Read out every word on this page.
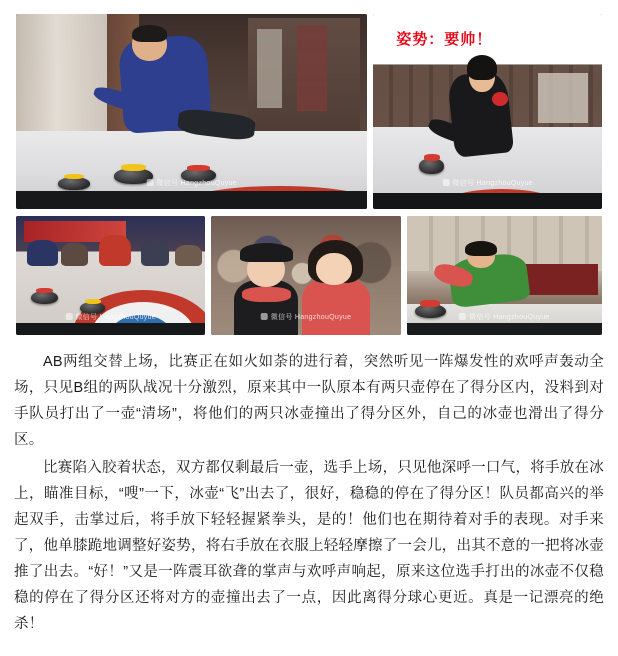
微信号 HangzhouQuyue
姿势：要帅！
微信号 HangzhouQuyue
微信号 HangzhouQuyue	微信号 HangzhouQuyue	微信号 HangzhouQuyue

AB两组交替上场，比赛正在如火如荼的进行着，突然听见一阵爆发性的欢呼声轰动全场，只见B组的两队战况十分激烈，原来其中一队原本有两只壶停在了得分区内，没料到对手队员打出了一壶“清场”，将他们的两只冰壶撞出了得分区外，自己的冰壶也滑出了得分区。

比赛陷入胶着状态，双方都仅剩最后一壶，选手上场，只见他深呼一口气，将手放在冰上，瞄准目标，“嗖”一下，冰壶“飞”出去了，很好，稳稳的停在了得分区！队员都高兴的举起双手，击掌过后，将手放下轻轻握紧拳头，是的！他们也在期待着对手的表现。对手来了，他单膝跪地调整好姿势，将右手放在衣服上轻轻摩擦了一会儿，出其不意的一把将冰壶推了出去。“好！”又是一阵震耳欲聋的掌声与欢呼声响起，原来这位选手打出的冰壶不仅稳稳的停在了得分区还将对方的壶撞出去了一点，因此离得分球心更近。真是一记漂亮的绝杀！
